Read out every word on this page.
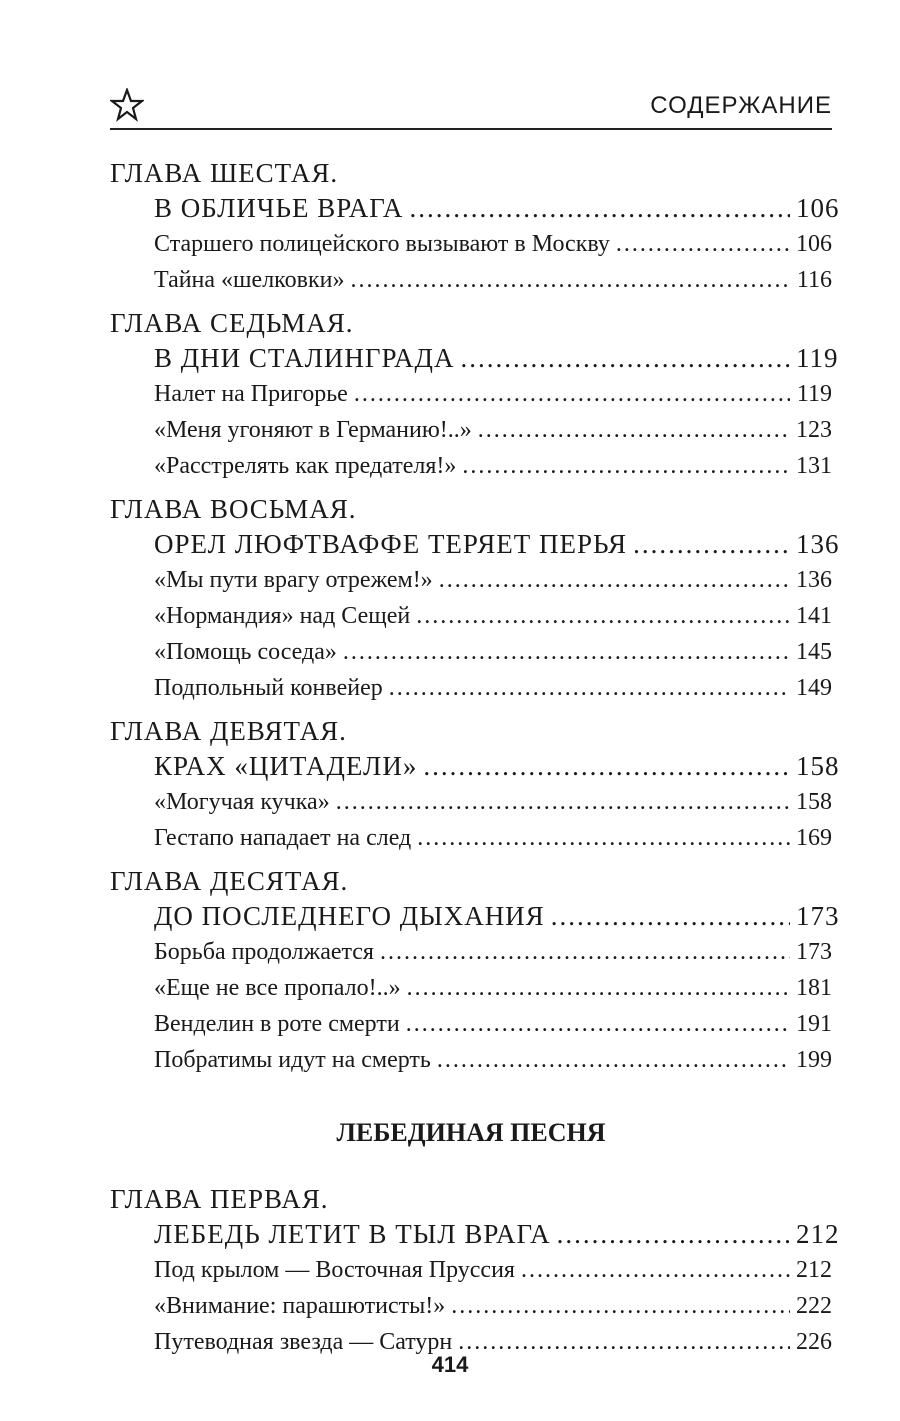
СОДЕРЖАНИЕ
ГЛАВА ШЕСТАЯ.
В ОБЛИЧЬЕ ВРАГА .....	106
Старшего полицейского вызывают в Москву .....	106
Тайна «шелковки» .....	116
ГЛАВА СЕДЬМАЯ.
В ДНИ СТАЛИНГРАДА .....	119
Налет на Пригорье .....	119
«Меня угоняют в Германию!..» .....	123
«Расстрелять как предателя!» .....	131
ГЛАВА ВОСЬМАЯ.
ОРЕЛ ЛЮФТВАФФЕ ТЕРЯЕТ ПЕРЬЯ .....	136
«Мы пути врагу отрежем!» .....	136
«Нормандия» над Сещей .....	141
«Помощь соседа» .....	145
Подпольный конвейер .....	149
ГЛАВА ДЕВЯТАЯ.
КРАХ «ЦИТАДЕЛИ» .....	158
«Могучая кучка» .....	158
Гестапо нападает на след .....	169
ГЛАВА ДЕСЯТАЯ.
ДО ПОСЛЕДНЕГО ДЫХАНИЯ .....	173
Борьба продолжается .....	173
«Еще не все пропало!..» .....	181
Венделин в роте смерти .....	191
Побратимы идут на смерть .....	199
ЛЕБЕДИНАЯ ПЕСНЯ
ГЛАВА ПЕРВАЯ.
ЛЕБЕДЬ ЛЕТИТ В ТЫЛ ВРАГА .....	212
Под крылом — Восточная Пруссия .....	212
«Внимание: парашютисты!» .....	222
Путеводная звезда — Сатурн .....	226
414
